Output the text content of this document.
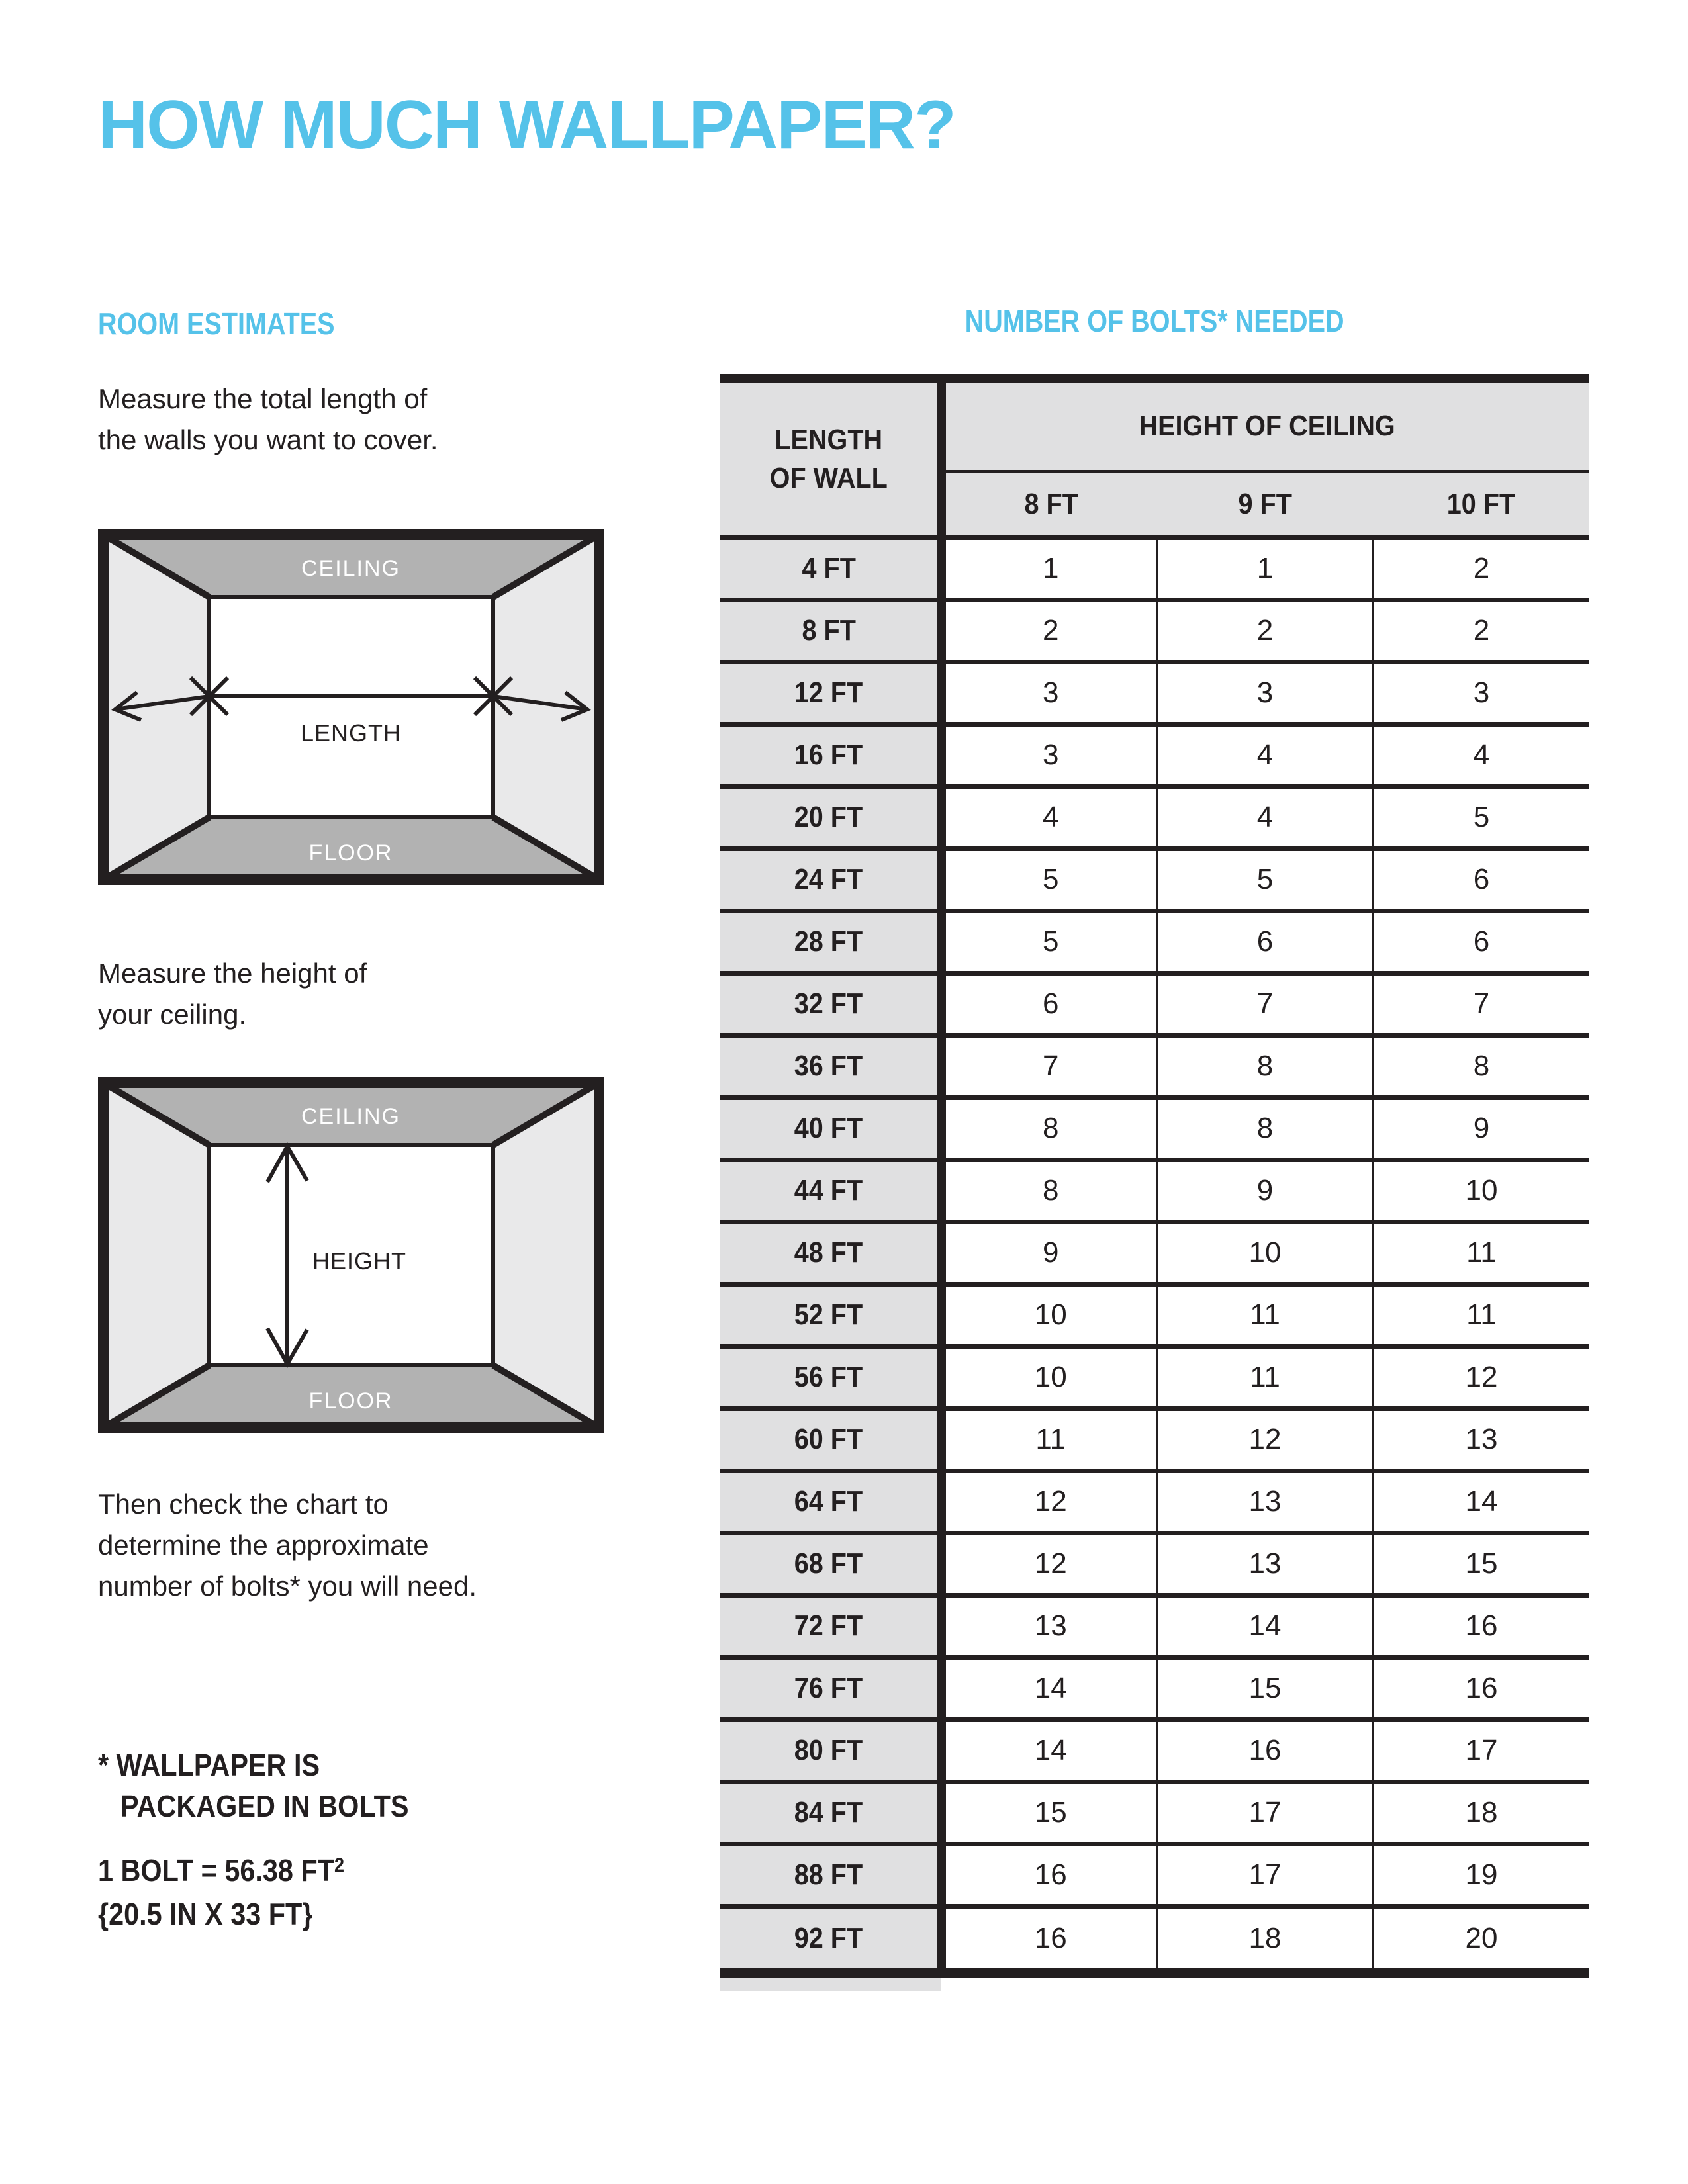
HOW MUCH WALLPAPER?
ROOM ESTIMATES

Measure the total length of
the walls you want to cover.

CEILING
FLOOR
LENGTH

Measure the height of
your ceiling.

CEILING
FLOOR
HEIGHT

Then check the chart to
determine the approximate
number of bolts* you will need.

* WALLPAPER IS
PACKAGED IN BOLTS
1 BOLT = 56.38 $FT^2$
{20.5 IN X 33 FT}
NUMBER OF BOLTS* NEEDED
LENGTH
OF WALL	HEIGHT OF CEILING		
	8 FT	9 FT	10 FT
4 FT	1	1	2
8 FT	2	2	2
12 FT	3	3	3
16 FT	3	4	4
20 FT	4	4	5
24 FT	5	5	6
28 FT	5	6	6
32 FT	6	7	7
36 FT	7	8	8
40 FT	8	8	9
44 FT	8	9	10
48 FT	9	10	11
52 FT	10	11	11
56 FT	10	11	12
60 FT	11	12	13
64 FT	12	13	14
68 FT	12	13	15
72 FT	13	14	16
76 FT	14	15	16
80 FT	14	16	17
84 FT	15	17	18
88 FT	16	17	19
92 FT	16	18	20
